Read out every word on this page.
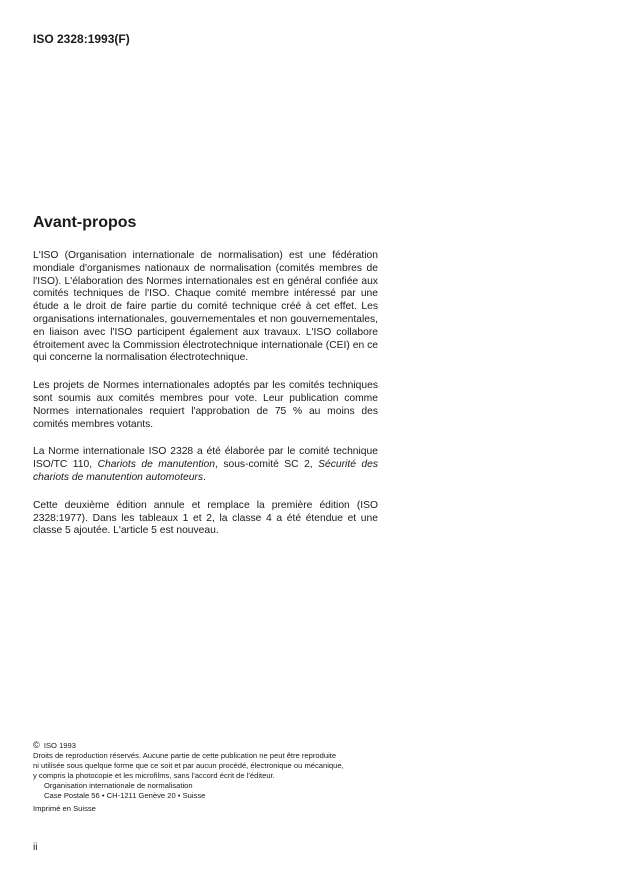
ISO 2328:1993(F)
Avant-propos

L'ISO (Organisation internationale de normalisation) est une fédération mondiale d'organismes nationaux de normalisation (comités membres de l'ISO). L'élaboration des Normes internationales est en général confiée aux comités techniques de l'ISO. Chaque comité membre intéressé par une étude a le droit de faire partie du comité technique créé à cet effet. Les organisations internationales, gouvernementales et non gouvernementales, en liaison avec l'ISO participent également aux travaux. L'ISO collabore étroitement avec la Commission électrotechnique internationale (CEI) en ce qui concerne la normalisation électrotechnique.

Les projets de Normes internationales adoptés par les comités techniques sont soumis aux comités membres pour vote. Leur publication comme Normes internationales requiert l'approbation de 75 % au moins des comités membres votants.

La Norme internationale ISO 2328 a été élaborée par le comité technique ISO/TC 110, Chariots de manutention, sous-comité SC 2, Sécurité des chariots de manutention automoteurs.

Cette deuxième édition annule et remplace la première édition (ISO 2328:1977). Dans les tableaux 1 et 2, la classe 4 a été étendue et une classe 5 ajoutée. L'article 5 est nouveau.

© ISO 1993
Droits de reproduction réservés. Aucune partie de cette publication ne peut être reproduite
ni utilisée sous quelque forme que ce soit et par aucun procédé, électronique ou mécanique,
y compris la photocopie et les microfilms, sans l'accord écrit de l'éditeur.
Organisation internationale de normalisation
Case Postale 56 • CH-1211 Genève 20 • Suisse
Imprimé en Suisse
ii
